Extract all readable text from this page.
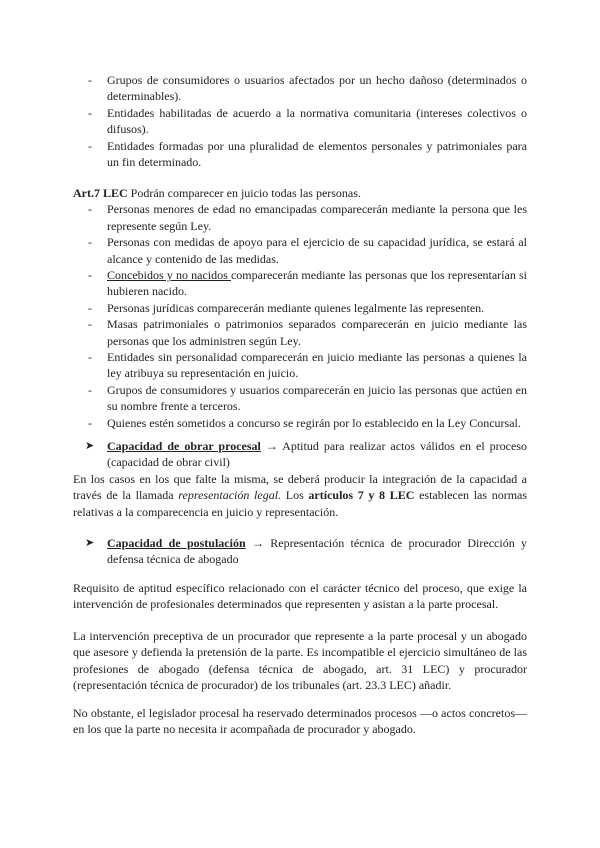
- Grupos de consumidores o usuarios afectados por un hecho dañoso (determinados o determinables).

- Entidades habilitadas de acuerdo a la normativa comunitaria (intereses colectivos o difusos).

- Entidades formadas por una pluralidad de elementos personales y patrimoniales para un fin determinado.

Art.7 LEC Podrán comparecer en juicio todas las personas.

- Personas menores de edad no emancipadas comparecerán mediante la persona que les represente según Ley.

- Personas con medidas de apoyo para el ejercicio de su capacidad jurídica, se estará al alcance y contenido de las medidas.

- Concebidos y no nacidos comparecerán mediante las personas que los representarían si hubieren nacido.

- Personas jurídicas comparecerán mediante quienes legalmente las representen.

- Masas patrimoniales o patrimonios separados comparecerán en juicio mediante las personas que los administren según Ley.

- Entidades sin personalidad comparecerán en juicio mediante las personas a quienes la ley atribuya su representación en juicio.

- Grupos de consumidores y usuarios comparecerán en juicio las personas que actúen en su nombre frente a terceros.

- Quienes estén sometidos a concurso se regirán por lo establecido en la Ley Concursal.

➤ Capacidad de obrar procesal → Aptitud para realizar actos válidos en el proceso (capacidad de obrar civil)

En los casos en los que falte la misma, se deberá producir la integración de la capacidad a través de la llamada representación legal. Los artículos 7 y 8 LEC establecen las normas relativas a la comparecencia en juicio y representación.

➤ Capacidad de postulación → Representación técnica de procurador Dirección y defensa técnica de abogado

Requisito de aptitud específico relacionado con el carácter técnico del proceso, que exige la intervención de profesionales determinados que representen y asistan a la parte procesal.

La intervención preceptiva de un procurador que represente a la parte procesal y un abogado que asesore y defienda la pretensión de la parte. Es incompatible el ejercicio simultáneo de las profesiones de abogado (defensa técnica de abogado, art. 31 LEC) y procurador (representación técnica de procurador) de los tribunales (art. 23.3 LEC) añadir.

No obstante, el legislador procesal ha reservado determinados procesos —o actos concretos— en los que la parte no necesita ir acompañada de procurador y abogado.
